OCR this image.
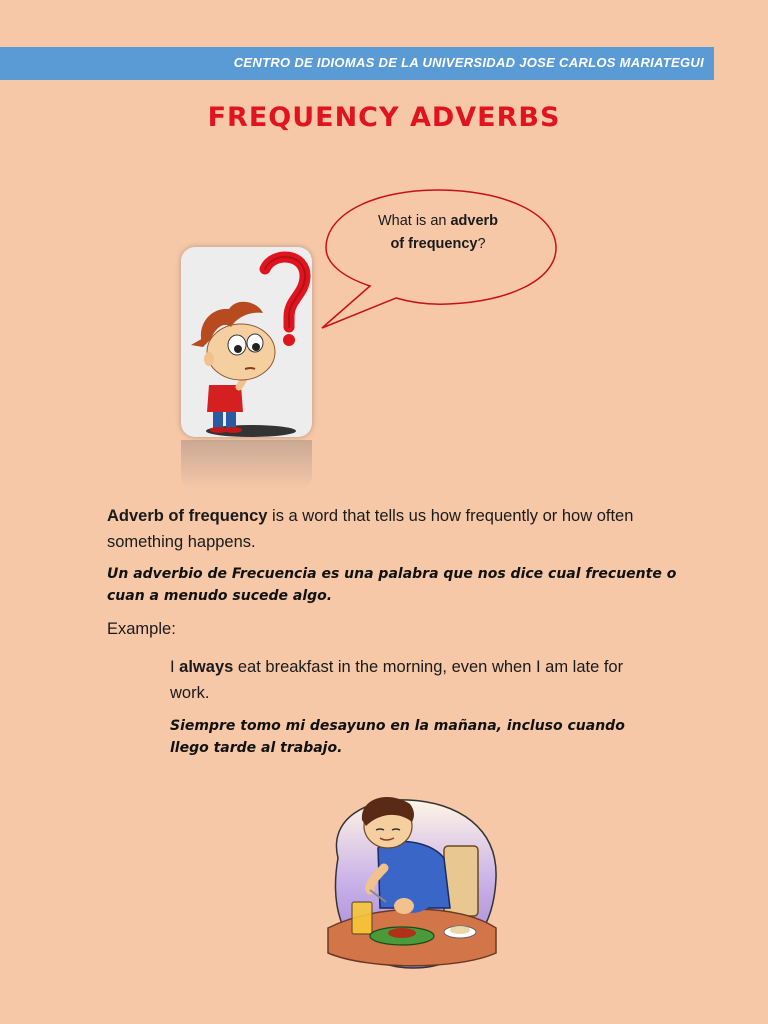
CENTRO DE IDIOMAS DE LA UNIVERSIDAD JOSE CARLOS MARIATEGUI
FREQUENCY ADVERBS
What is an adverb
of frequency?
Adverb of frequency is a word that tells us how frequently or how often something happens.
Un adverbio de Frecuencia es una palabra que nos dice cual frecuente o cuan a menudo sucede algo.
Example:
I always eat breakfast in the morning, even when I am late for work.
Siempre tomo mi desayuno en la mañana, incluso cuando llego tarde al trabajo.
